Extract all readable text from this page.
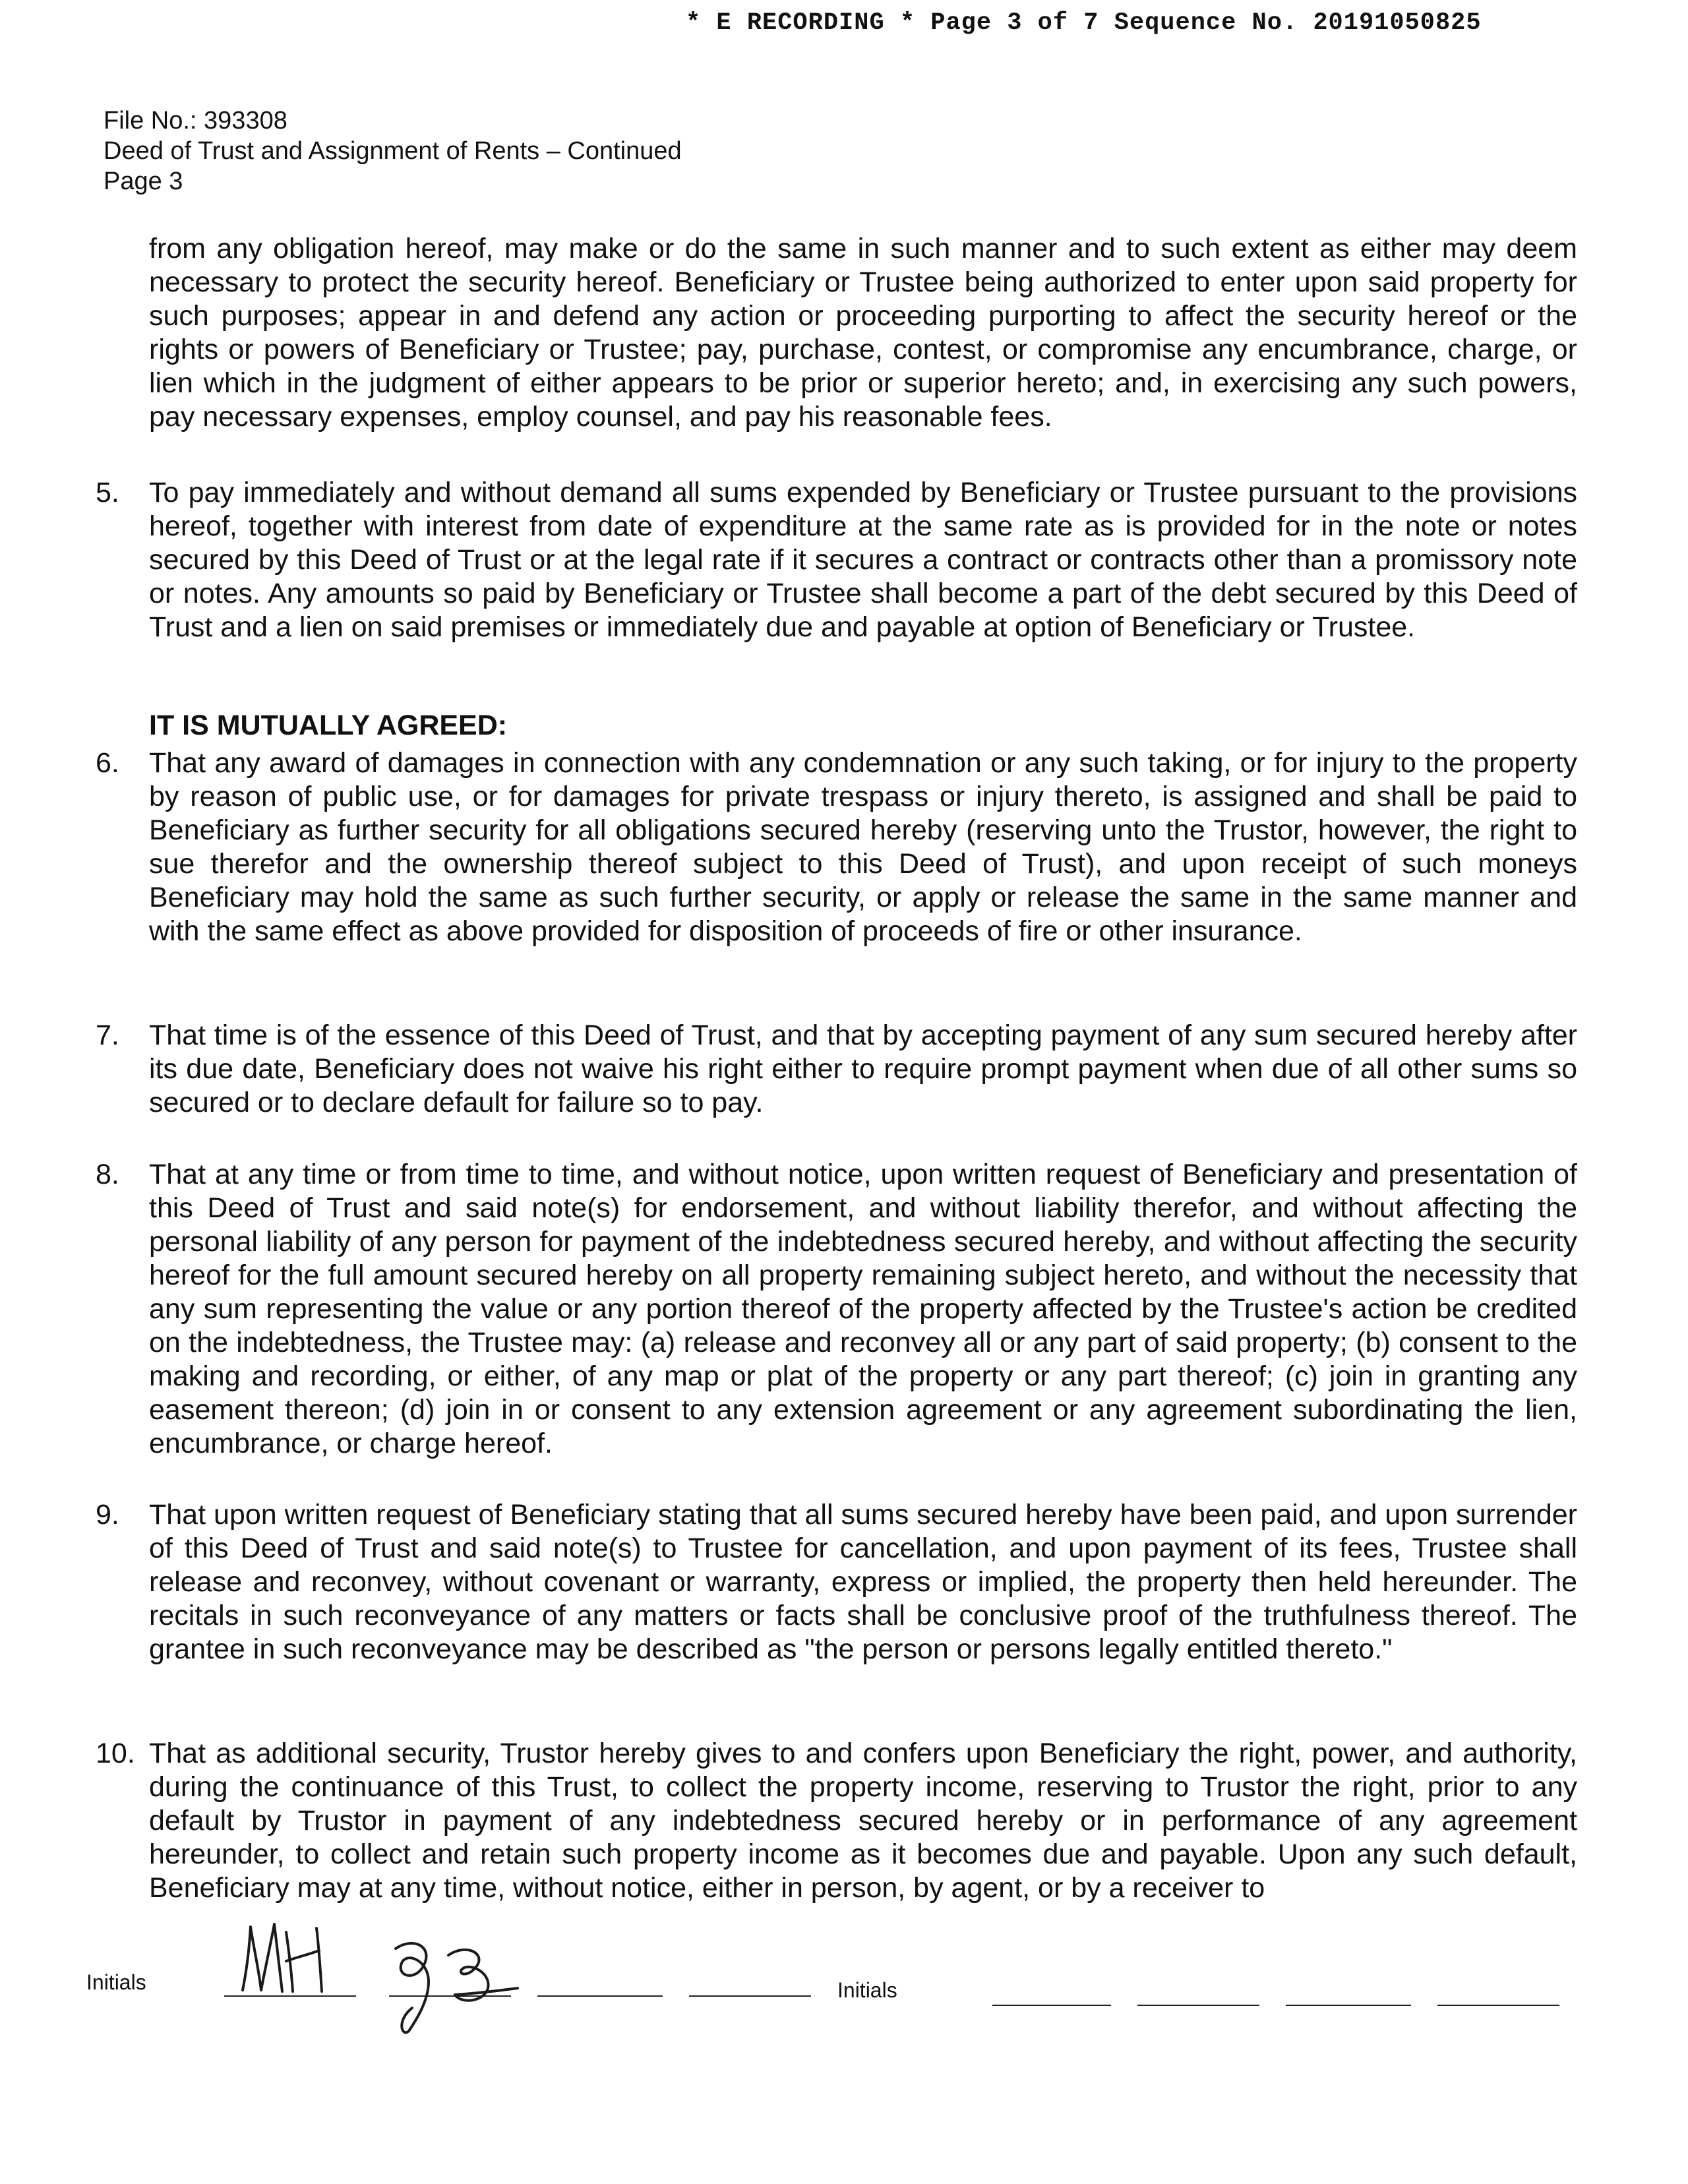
* E RECORDING * Page 3 of 7 Sequence No. 20191050825
File No.: 393308
Deed of Trust and Assignment of Rents – Continued
Page 3
from any obligation hereof, may make or do the same in such manner and to such extent as either may deem necessary to protect the security hereof. Beneficiary or Trustee being authorized to enter upon said property for such purposes; appear in and defend any action or proceeding purporting to affect the security hereof or the rights or powers of Beneficiary or Trustee; pay, purchase, contest, or compromise any encumbrance, charge, or lien which in the judgment of either appears to be prior or superior hereto; and, in exercising any such powers, pay necessary expenses, employ counsel, and pay his reasonable fees.
5.	To pay immediately and without demand all sums expended by Beneficiary or Trustee pursuant to the provisions hereof, together with interest from date of expenditure at the same rate as is provided for in the note or notes secured by this Deed of Trust or at the legal rate if it secures a contract or contracts other than a promissory note or notes. Any amounts so paid by Beneficiary or Trustee shall become a part of the debt secured by this Deed of Trust and a lien on said premises or immediately due and payable at option of Beneficiary or Trustee.
IT IS MUTUALLY AGREED:
6.	That any award of damages in connection with any condemnation or any such taking, or for injury to the property by reason of public use, or for damages for private trespass or injury thereto, is assigned and shall be paid to Beneficiary as further security for all obligations secured hereby (reserving unto the Trustor, however, the right to sue therefor and the ownership thereof subject to this Deed of Trust), and upon receipt of such moneys Beneficiary may hold the same as such further security, or apply or release the same in the same manner and with the same effect as above provided for disposition of proceeds of fire or other insurance.
7.	That time is of the essence of this Deed of Trust, and that by accepting payment of any sum secured hereby after its due date, Beneficiary does not waive his right either to require prompt payment when due of all other sums so secured or to declare default for failure so to pay.
8.	That at any time or from time to time, and without notice, upon written request of Beneficiary and presentation of this Deed of Trust and said note(s) for endorsement, and without liability therefor, and without affecting the personal liability of any person for payment of the indebtedness secured hereby, and without affecting the security hereof for the full amount secured hereby on all property remaining subject hereto, and without the necessity that any sum representing the value or any portion thereof of the property affected by the Trustee's action be credited on the indebtedness, the Trustee may: (a) release and reconvey all or any part of said property; (b) consent to the making and recording, or either, of any map or plat of the property or any part thereof; (c) join in granting any easement thereon; (d) join in or consent to any extension agreement or any agreement subordinating the lien, encumbrance, or charge hereof.
9.	That upon written request of Beneficiary stating that all sums secured hereby have been paid, and upon surrender of this Deed of Trust and said note(s) to Trustee for cancellation, and upon payment of its fees, Trustee shall release and reconvey, without covenant or warranty, express or implied, the property then held hereunder. The recitals in such reconveyance of any matters or facts shall be conclusive proof of the truthfulness thereof. The grantee in such reconveyance may be described as "the person or persons legally entitled thereto."
10. That as additional security, Trustor hereby gives to and confers upon Beneficiary the right, power, and authority, during the continuance of this Trust, to collect the property income, reserving to Trustor the right, prior to any default by Trustor in payment of any indebtedness secured hereby or in performance of any agreement hereunder, to collect and retain such property income as it becomes due and payable. Upon any such default, Beneficiary may at any time, without notice, either in person, by agent, or by a receiver to
Initials	Initials
